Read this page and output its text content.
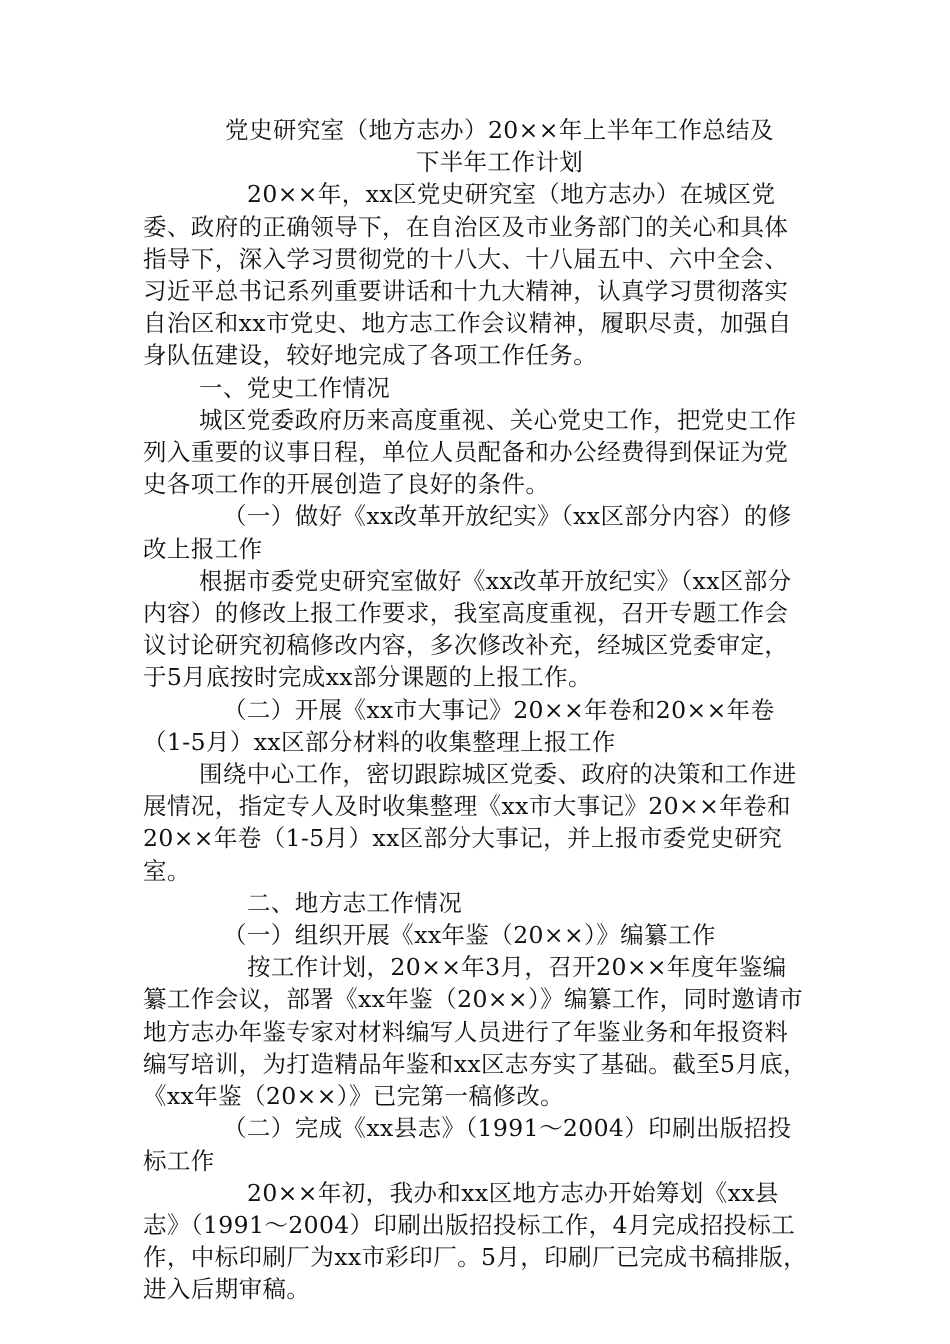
党史研究室（地方志办）20××年上半年工作总结及

下半年工作计划

20××年，xx区党史研究室（地方志办）在城区党委、政府的正确领导下，在自治区及市业务部门的关心和具体指导下，深入学习贯彻党的十八大、十八届五中、六中全会、习近平总书记系列重要讲话和十九大精神，认真学习贯彻落实自治区和xx市党史、地方志工作会议精神，履职尽责，加强自身队伍建设，较好地完成了各项工作任务。

一、党史工作情况

城区党委政府历来高度重视、关心党史工作，把党史工作列入重要的议事日程，单位人员配备和办公经费得到保证为党史各项工作的开展创造了良好的条件。

（一）做好《xx改革开放纪实》（xx区部分内容）的修改上报工作

根据市委党史研究室做好《xx改革开放纪实》（xx区部分内容）的修改上报工作要求，我室高度重视，召开专题工作会议讨论研究初稿修改内容，多次修改补充，经城区党委审定，于5月底按时完成xx部分课题的上报工作。

（二）开展《xx市大事记》20××年卷和20××年卷（1-5月）xx区部分材料的收集整理上报工作

围绕中心工作，密切跟踪城区党委、政府的决策和工作进展情况，指定专人及时收集整理《xx市大事记》20××年卷和20××年卷（1-5月）xx区部分大事记，并上报市委党史研究室。

二、地方志工作情况

（一）组织开展《xx年鉴（20××）》编纂工作

按工作计划，20××年3月，召开20××年度年鉴编纂工作会议，部署《xx年鉴（20××）》编纂工作，同时邀请市地方志办年鉴专家对材料编写人员进行了年鉴业务和年报资料编写培训，为打造精品年鉴和xx区志夯实了基础。截至5月底，《xx年鉴（20××）》已完第一稿修改。

（二）完成《xx县志》（1991～2004）印刷出版招投标工作

20××年初，我办和xx区地方志办开始筹划《xx县志》（1991～2004）印刷出版招投标工作，4月完成招投标工作，中标印刷厂为xx市彩印厂。5月，印刷厂已完成书稿排版，进入后期审稿。
